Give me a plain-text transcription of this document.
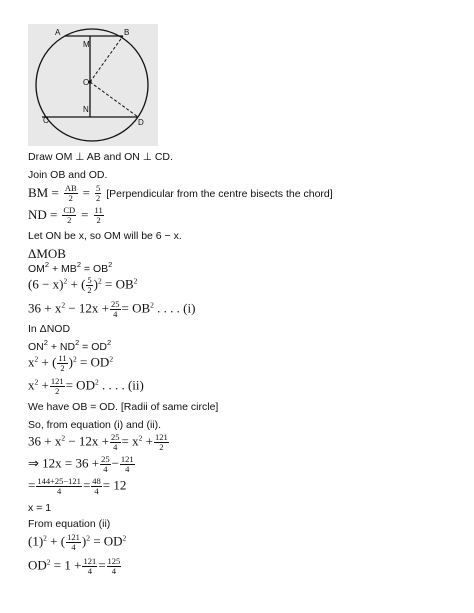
A	B
M
O
N
C	D
Draw OM ⊥ AB and ON ⊥ CD.
Join OB and OD.
BM = $\frac{AB}{2} = \frac{5}{2}$ [Perpendicular from the centre bisects the chord]
ND = $\frac{CD}{2} = \frac{11}{2}$
Let ON be x, so OM will be 6 − x.
ΔMOB
$OM^2 + MB^2 = OB^2$
$(6 - x)^2$ + ( $\frac{5}{2} )^2 = OB^2$
$36 + x^2 - 12x + \frac{25}{4} = OB^2$ . . . . (i)
In ΔNOD
$ON^2 + ND^2 = OD^2$
$x^2$ + ( $\frac{11}{2} )^2 = OD^2$
$x^2 + \frac{121}{2} = OD^2$ . . . . (ii)
We have OB = OD. [Radii of same circle]
So, from equation (i) and (ii).
$36 + x^2 - 12x + \frac{25}{4} = x^2 + \frac{121}{2}$
⇒ $12x = 36 + \frac{25}{4} - \frac{121}{4}$
= $\frac{144+25-121}{4} = \frac{48}{4} = 12$
x = 1
From equation (ii)
$(1)^2$ + ( $\frac{121}{4} )^2 = OD^2$
$OD^2 = 1 + \frac{121}{4} = \frac{125}{4}$
